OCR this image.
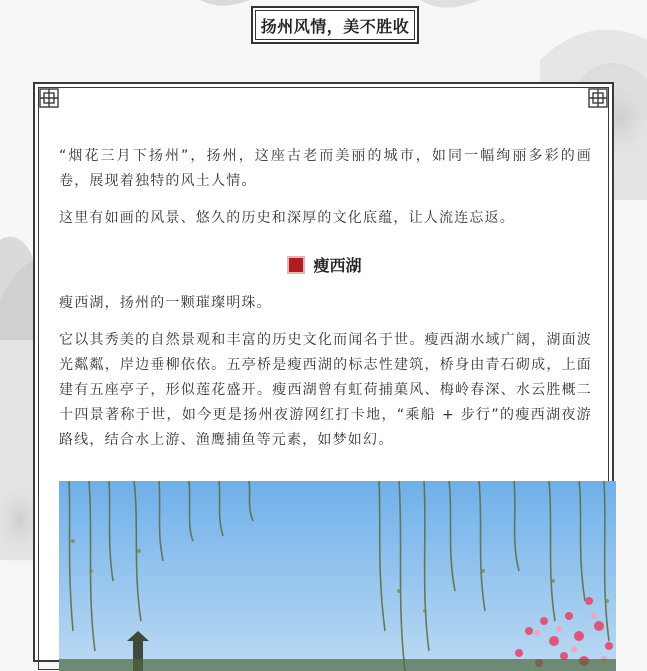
扬州风情，美不胜收

“烟花三月下扬州”，扬州，这座古老而美丽的城市，如同一幅绚丽多彩的画卷，展现着独特的风土人情。

这里有如画的风景、悠久的历史和深厚的文化底蕴，让人流连忘返。

瘦西湖

瘦西湖，扬州的一颗璀璨明珠。

它以其秀美的自然景观和丰富的历史文化而闻名于世。瘦西湖水域广阔，湖面波光粼粼，岸边垂柳依依。五亭桥是瘦西湖的标志性建筑，桥身由青石砌成，上面建有五座亭子，形似莲花盛开。瘦西湖曾有虹荷捕菓风、梅岭春深、水云胜概二十四景著称于世，如今更是扬州夜游网红打卡地，“乘船 + 步行”的瘦西湖夜游路线，结合水上游、渔鹰捕鱼等元素，如梦如幻。
